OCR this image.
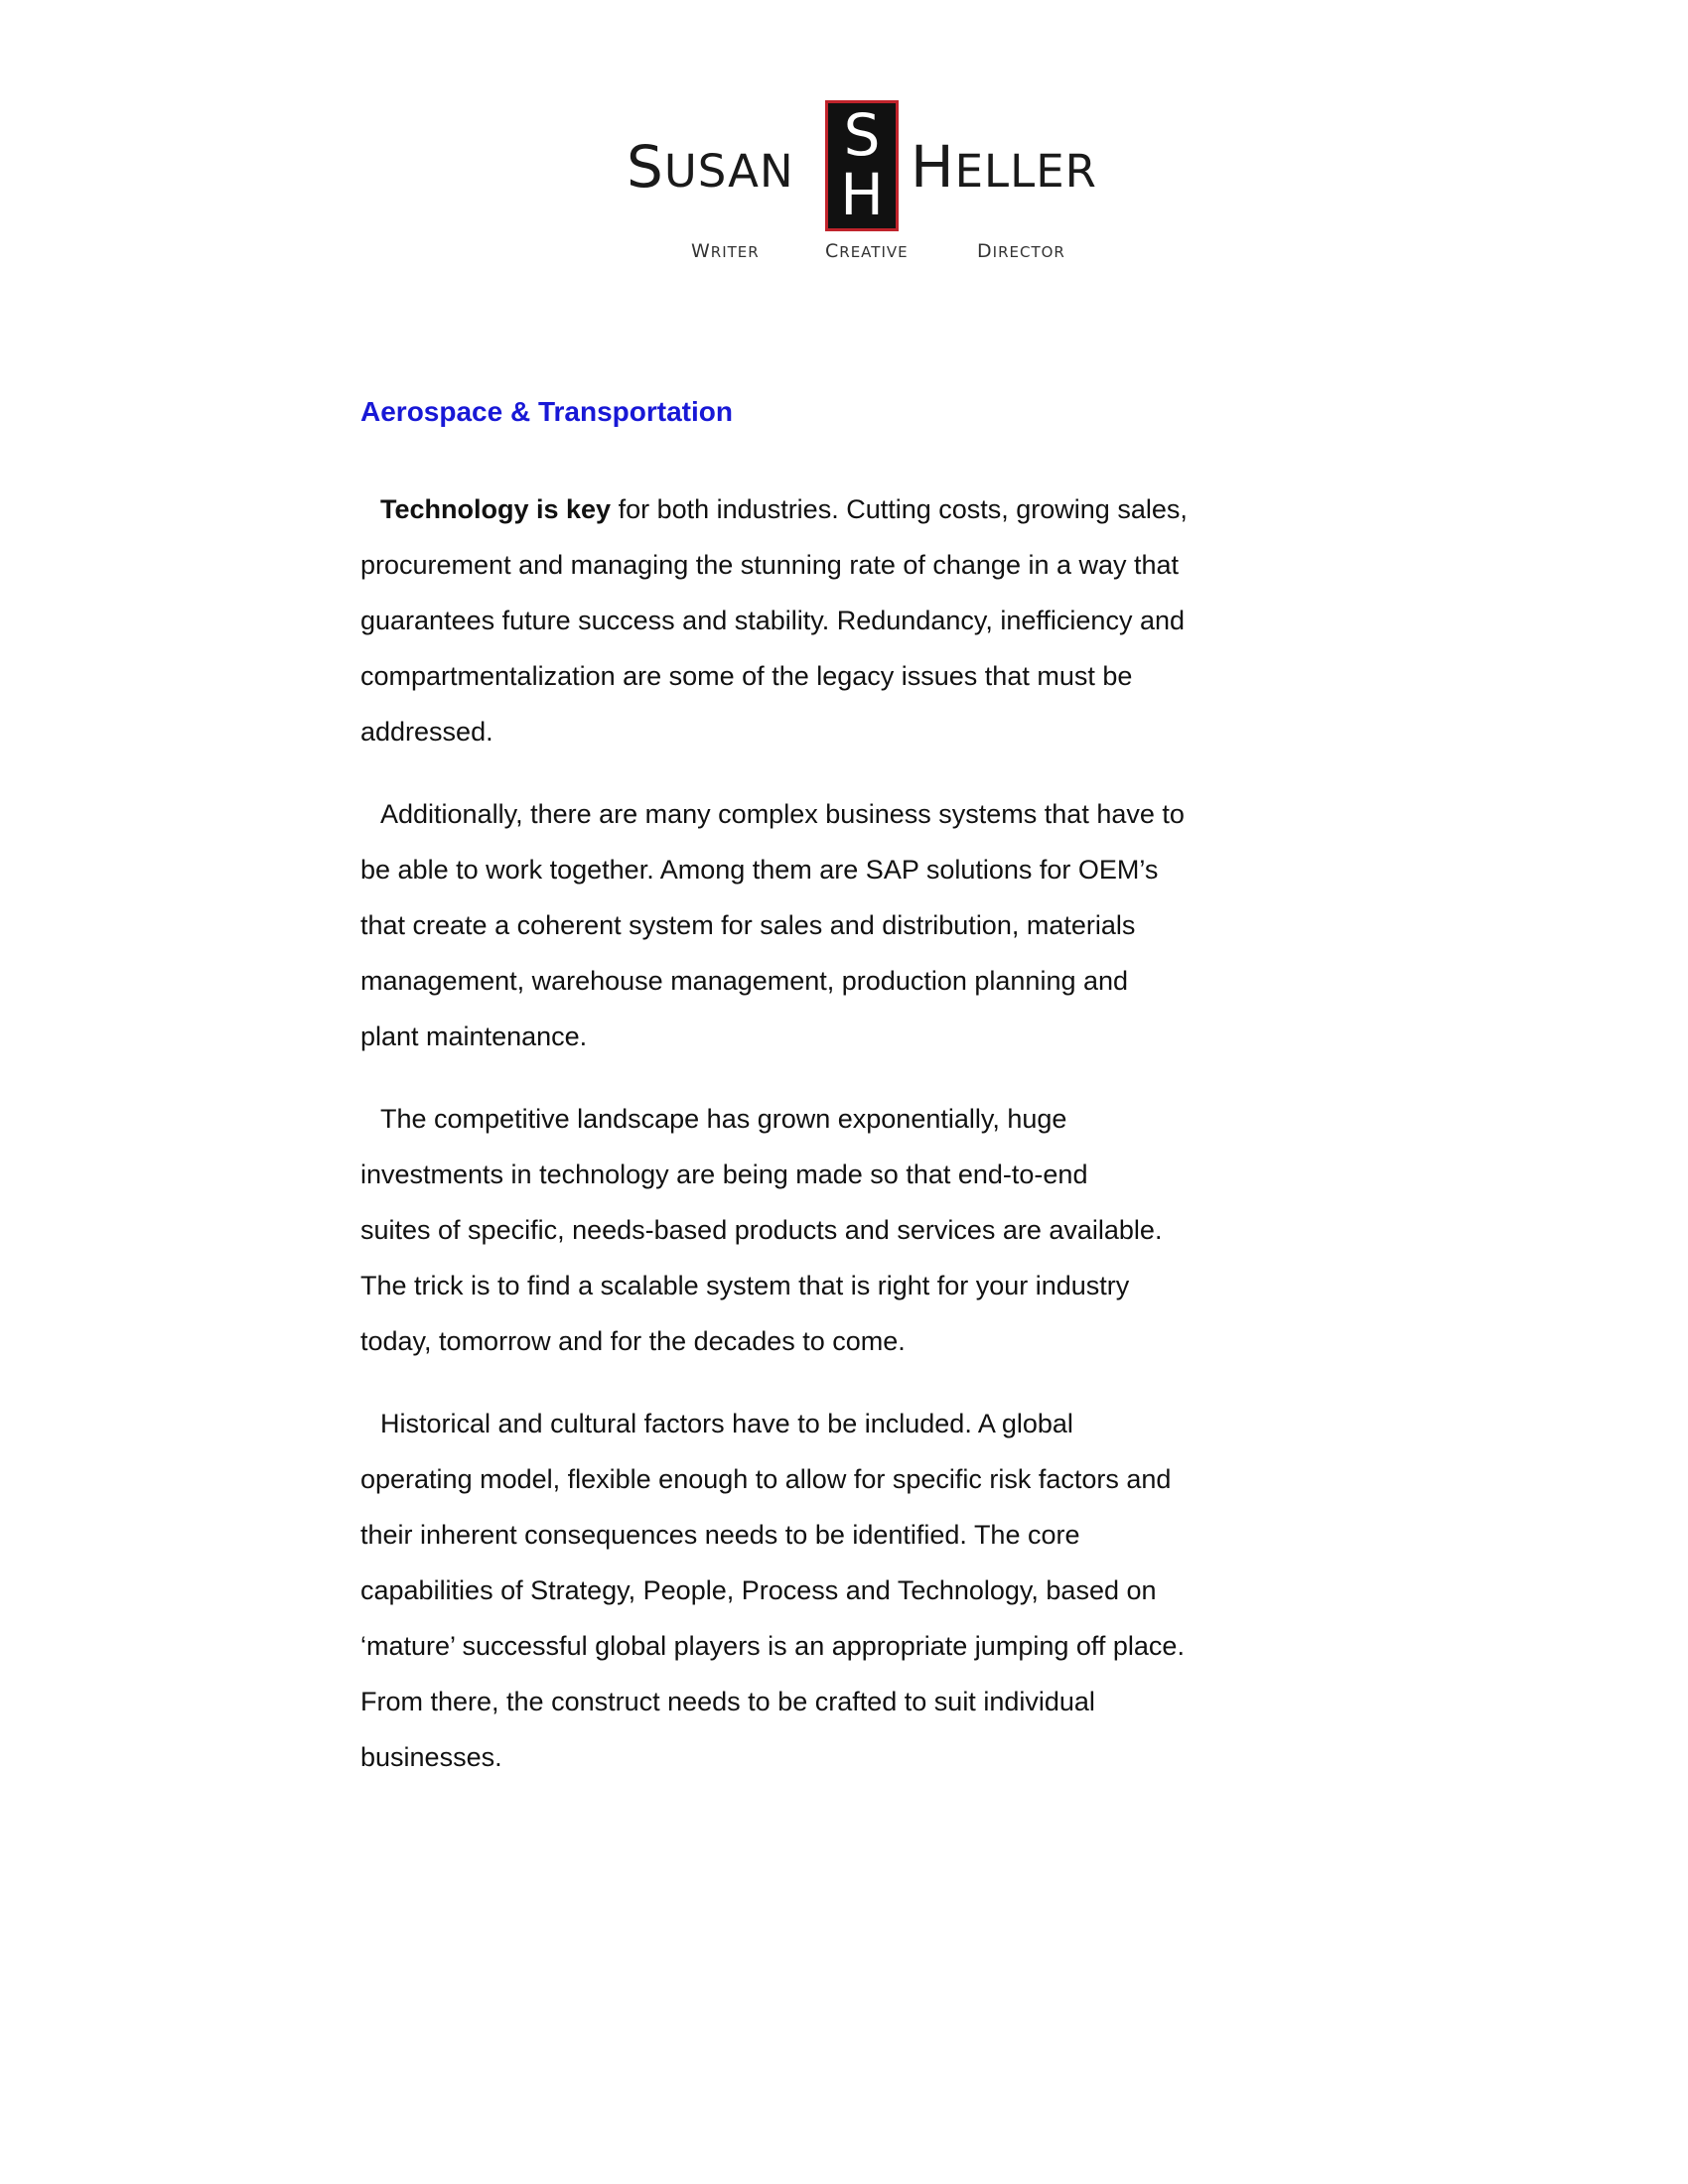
SUSAN
S
H HELLER
WRITER	CREATIVE	DIRECTOR
Aerospace & Transportation

Technology is key for both industries. Cutting costs, growing sales,
procurement and managing the stunning rate of change in a way that
guarantees future success and stability. Redundancy, inefficiency and
compartmentalization are some of the legacy issues that must be
addressed.

Additionally, there are many complex business systems that have to
be able to work together. Among them are SAP solutions for OEM’s
that create a coherent system for sales and distribution, materials
management, warehouse management, production planning and
plant maintenance.

The competitive landscape has grown exponentially, huge
investments in technology are being made so that end-to-end
suites of specific, needs-based products and services are available.
The trick is to find a scalable system that is right for your industry
today, tomorrow and for the decades to come.

Historical and cultural factors have to be included. A global
operating model, flexible enough to allow for specific risk factors and
their inherent consequences needs to be identified. The core
capabilities of Strategy, People, Process and Technology, based on
‘mature’ successful global players is an appropriate jumping off place.
From there, the construct needs to be crafted to suit individual
businesses.
